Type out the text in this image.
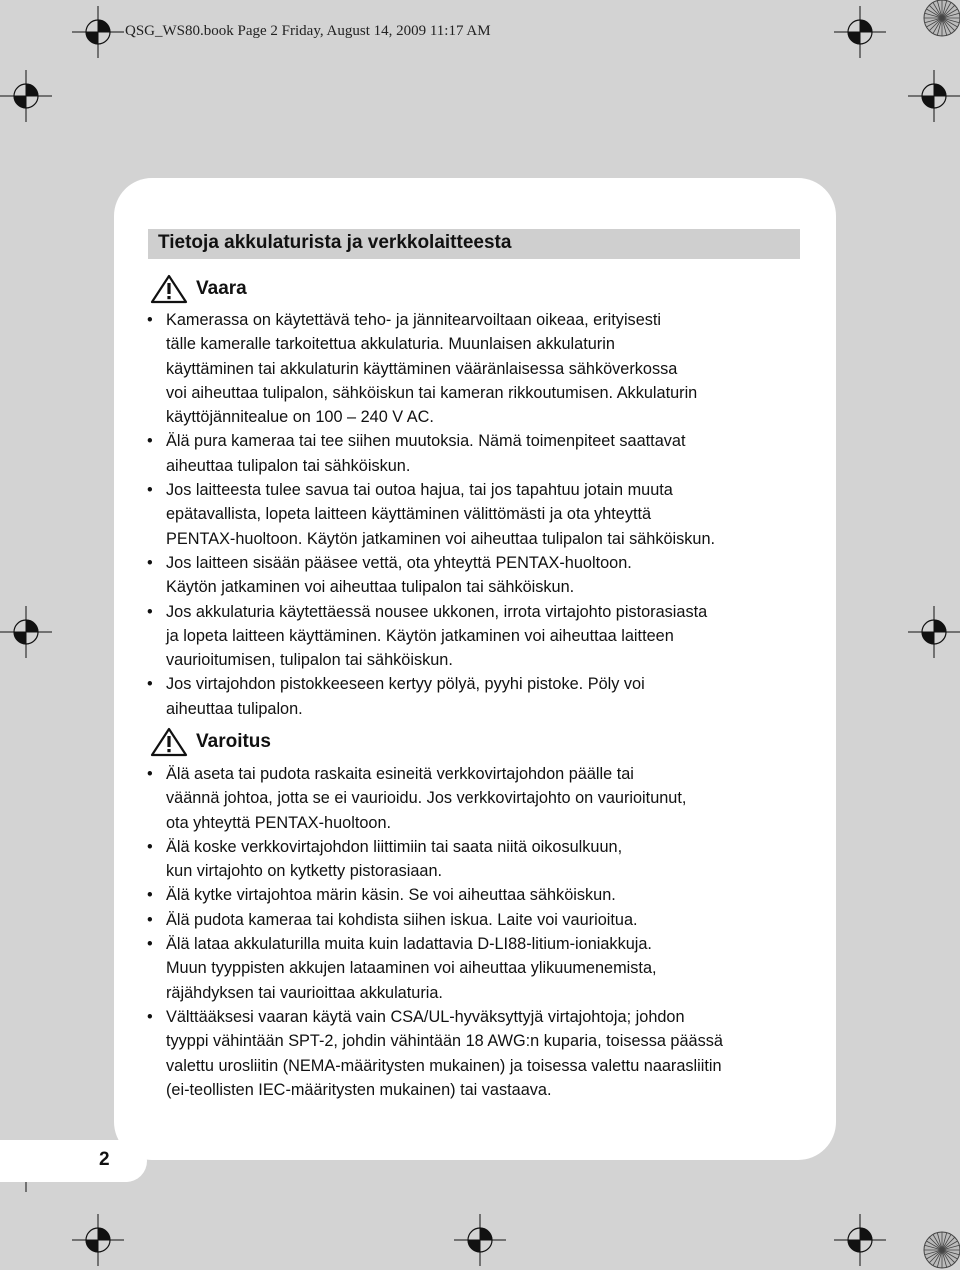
QSG_WS80.book Page 2 Friday, August 14, 2009 11:17 AM
Tietoja akkulaturista ja verkkolaitteesta
Vaara
• Kamerassa on käytettävä teho- ja jännitearvoiltaan oikeaa, erityisesti
tälle kameralle tarkoitettua akkulaturia. Muunlaisen akkulaturin
käyttäminen tai akkulaturin käyttäminen vääränlaisessa sähköverkossa
voi aiheuttaa tulipalon, sähköiskun tai kameran rikkoutumisen. Akkulaturin
käyttöjännitealue on 100 – 240 V AC.
• Älä pura kameraa tai tee siihen muutoksia. Nämä toimenpiteet saattavat
aiheuttaa tulipalon tai sähköiskun.
• Jos laitteesta tulee savua tai outoa hajua, tai jos tapahtuu jotain muuta
epätavallista, lopeta laitteen käyttäminen välittömästi ja ota yhteyttä
PENTAX-huoltoon. Käytön jatkaminen voi aiheuttaa tulipalon tai sähköiskun.
• Jos laitteen sisään pääsee vettä, ota yhteyttä PENTAX-huoltoon.
Käytön jatkaminen voi aiheuttaa tulipalon tai sähköiskun.
• Jos akkulaturia käytettäessä nousee ukkonen, irrota virtajohto pistorasiasta
ja lopeta laitteen käyttäminen. Käytön jatkaminen voi aiheuttaa laitteen
vaurioitumisen, tulipalon tai sähköiskun.
• Jos virtajohdon pistokkeeseen kertyy pölyä, pyyhi pistoke. Pöly voi
aiheuttaa tulipalon.
Varoitus
• Älä aseta tai pudota raskaita esineitä verkkovirtajohdon päälle tai
väännä johtoa, jotta se ei vaurioidu. Jos verkkovirtajohto on vaurioitunut,
ota yhteyttä PENTAX-huoltoon.
• Älä koske verkkovirtajohdon liittimiin tai saata niitä oikosulkuun,
kun virtajohto on kytketty pistorasiaan.
• Älä kytke virtajohtoa märin käsin. Se voi aiheuttaa sähköiskun.
• Älä pudota kameraa tai kohdista siihen iskua. Laite voi vaurioitua.
• Älä lataa akkulaturilla muita kuin ladattavia D-LI88-litium-ioniakkuja.
Muun tyyppisten akkujen lataaminen voi aiheuttaa ylikuumenemista,
räjähdyksen tai vaurioittaa akkulaturia.
• Välttääksesi vaaran käytä vain CSA/UL-hyväksyttyjä virtajohtoja; johdon
tyyppi vähintään SPT-2, johdin vähintään 18 AWG:n kuparia, toisessa päässä
valettu urosliitin (NEMA-määritysten mukainen) ja toisessa valettu naarasliitin
(ei-teollisten IEC-määritysten mukainen) tai vastaava.
2
